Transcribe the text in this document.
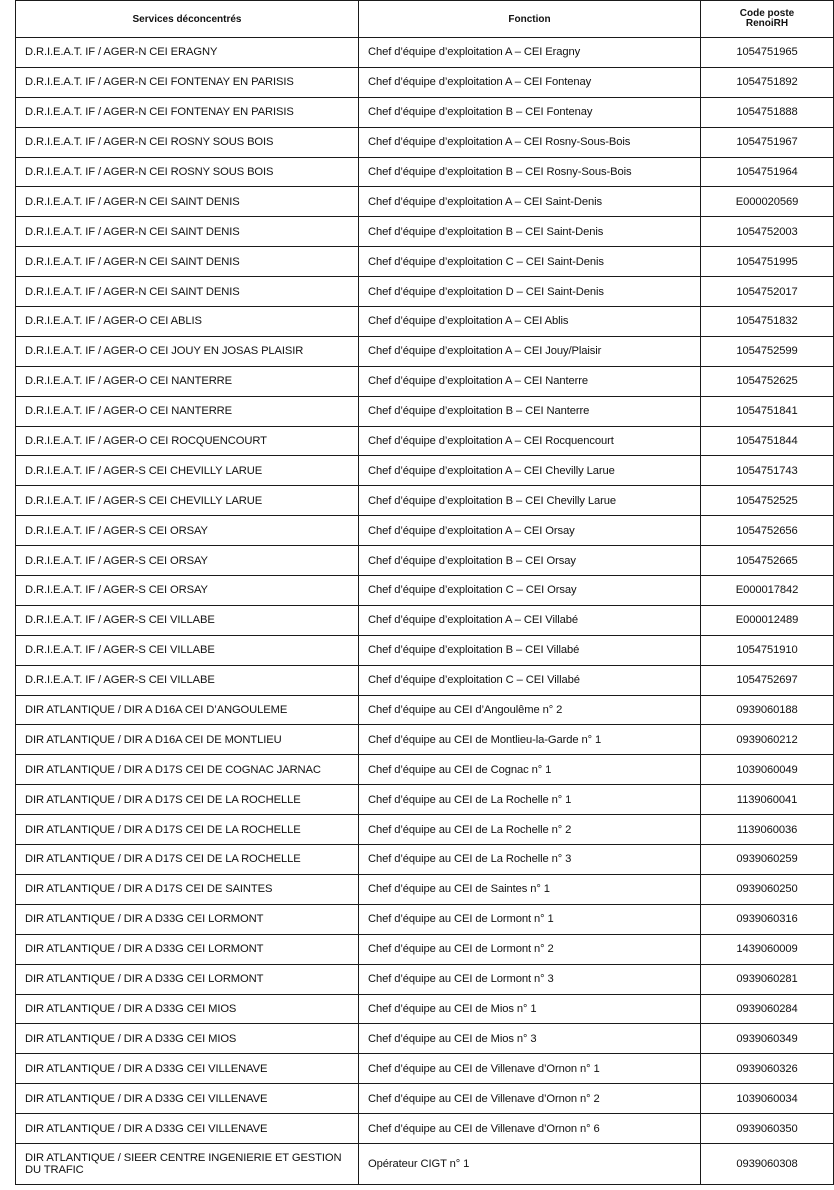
Services déconcentrés	Fonction	Code poste
RenoiRH
D.R.I.E.A.T. IF / AGER-N CEI ERAGNY	Chef d’équipe d’exploitation A – CEI Eragny	1054751965
D.R.I.E.A.T. IF / AGER-N CEI FONTENAY EN PARISIS	Chef d’équipe d’exploitation A – CEI Fontenay	1054751892
D.R.I.E.A.T. IF / AGER-N CEI FONTENAY EN PARISIS	Chef d’équipe d’exploitation B – CEI Fontenay	1054751888
D.R.I.E.A.T. IF / AGER-N CEI ROSNY SOUS BOIS	Chef d’équipe d’exploitation A – CEI Rosny-Sous-Bois	1054751967
D.R.I.E.A.T. IF / AGER-N CEI ROSNY SOUS BOIS	Chef d’équipe d’exploitation B – CEI Rosny-Sous-Bois	1054751964
D.R.I.E.A.T. IF / AGER-N CEI SAINT DENIS	Chef d’équipe d’exploitation A – CEI Saint-Denis	E000020569
D.R.I.E.A.T. IF / AGER-N CEI SAINT DENIS	Chef d’équipe d’exploitation B – CEI Saint-Denis	1054752003
D.R.I.E.A.T. IF / AGER-N CEI SAINT DENIS	Chef d’équipe d’exploitation C – CEI Saint-Denis	1054751995
D.R.I.E.A.T. IF / AGER-N CEI SAINT DENIS	Chef d’équipe d’exploitation D – CEI Saint-Denis	1054752017
D.R.I.E.A.T. IF / AGER-O CEI ABLIS	Chef d’équipe d’exploitation A – CEI Ablis	1054751832
D.R.I.E.A.T. IF / AGER-O CEI JOUY EN JOSAS PLAISIR	Chef d’équipe d’exploitation A – CEI Jouy/Plaisir	1054752599
D.R.I.E.A.T. IF / AGER-O CEI NANTERRE	Chef d’équipe d’exploitation A – CEI Nanterre	1054752625
D.R.I.E.A.T. IF / AGER-O CEI NANTERRE	Chef d’équipe d’exploitation B – CEI Nanterre	1054751841
D.R.I.E.A.T. IF / AGER-O CEI ROCQUENCOURT	Chef d’équipe d’exploitation A – CEI Rocquencourt	1054751844
D.R.I.E.A.T. IF / AGER-S CEI CHEVILLY LARUE	Chef d’équipe d’exploitation A – CEI Chevilly Larue	1054751743
D.R.I.E.A.T. IF / AGER-S CEI CHEVILLY LARUE	Chef d’équipe d’exploitation B – CEI Chevilly Larue	1054752525
D.R.I.E.A.T. IF / AGER-S CEI ORSAY	Chef d’équipe d’exploitation A – CEI Orsay	1054752656
D.R.I.E.A.T. IF / AGER-S CEI ORSAY	Chef d’équipe d’exploitation B – CEI Orsay	1054752665
D.R.I.E.A.T. IF / AGER-S CEI ORSAY	Chef d’équipe d’exploitation C – CEI Orsay	E000017842
D.R.I.E.A.T. IF / AGER-S CEI VILLABE	Chef d’équipe d’exploitation A – CEI Villabé	E000012489
D.R.I.E.A.T. IF / AGER-S CEI VILLABE	Chef d’équipe d’exploitation B – CEI Villabé	1054751910
D.R.I.E.A.T. IF / AGER-S CEI VILLABE	Chef d’équipe d’exploitation C – CEI Villabé	1054752697
DIR ATLANTIQUE / DIR A D16A CEI D’ANGOULEME	Chef d’équipe au CEI d’Angoulême n° 2	0939060188
DIR ATLANTIQUE / DIR A D16A CEI DE MONTLIEU	Chef d’équipe au CEI de Montlieu-la-Garde n° 1	0939060212
DIR ATLANTIQUE / DIR A D17S CEI DE COGNAC JARNAC	Chef d’équipe au CEI de Cognac n° 1	1039060049
DIR ATLANTIQUE / DIR A D17S CEI DE LA ROCHELLE	Chef d’équipe au CEI de La Rochelle n° 1	1139060041
DIR ATLANTIQUE / DIR A D17S CEI DE LA ROCHELLE	Chef d’équipe au CEI de La Rochelle n° 2	1139060036
DIR ATLANTIQUE / DIR A D17S CEI DE LA ROCHELLE	Chef d’équipe au CEI de La Rochelle n° 3	0939060259
DIR ATLANTIQUE / DIR A D17S CEI DE SAINTES	Chef d’équipe au CEI de Saintes n° 1	0939060250
DIR ATLANTIQUE / DIR A D33G CEI LORMONT	Chef d’équipe au CEI de Lormont n° 1	0939060316
DIR ATLANTIQUE / DIR A D33G CEI LORMONT	Chef d’équipe au CEI de Lormont n° 2	1439060009
DIR ATLANTIQUE / DIR A D33G CEI LORMONT	Chef d’équipe au CEI de Lormont n° 3	0939060281
DIR ATLANTIQUE / DIR A D33G CEI MIOS	Chef d’équipe au CEI de Mios n° 1	0939060284
DIR ATLANTIQUE / DIR A D33G CEI MIOS	Chef d’équipe au CEI de Mios n° 3	0939060349
DIR ATLANTIQUE / DIR A D33G CEI VILLENAVE	Chef d’équipe au CEI de Villenave d’Ornon n° 1	0939060326
DIR ATLANTIQUE / DIR A D33G CEI VILLENAVE	Chef d’équipe au CEI de Villenave d’Ornon n° 2	1039060034
DIR ATLANTIQUE / DIR A D33G CEI VILLENAVE	Chef d’équipe au CEI de Villenave d’Ornon n° 6	0939060350
DIR ATLANTIQUE / SIEER CENTRE INGENIERIE ET GESTION DU TRAFIC	Opérateur CIGT n° 1	0939060308
